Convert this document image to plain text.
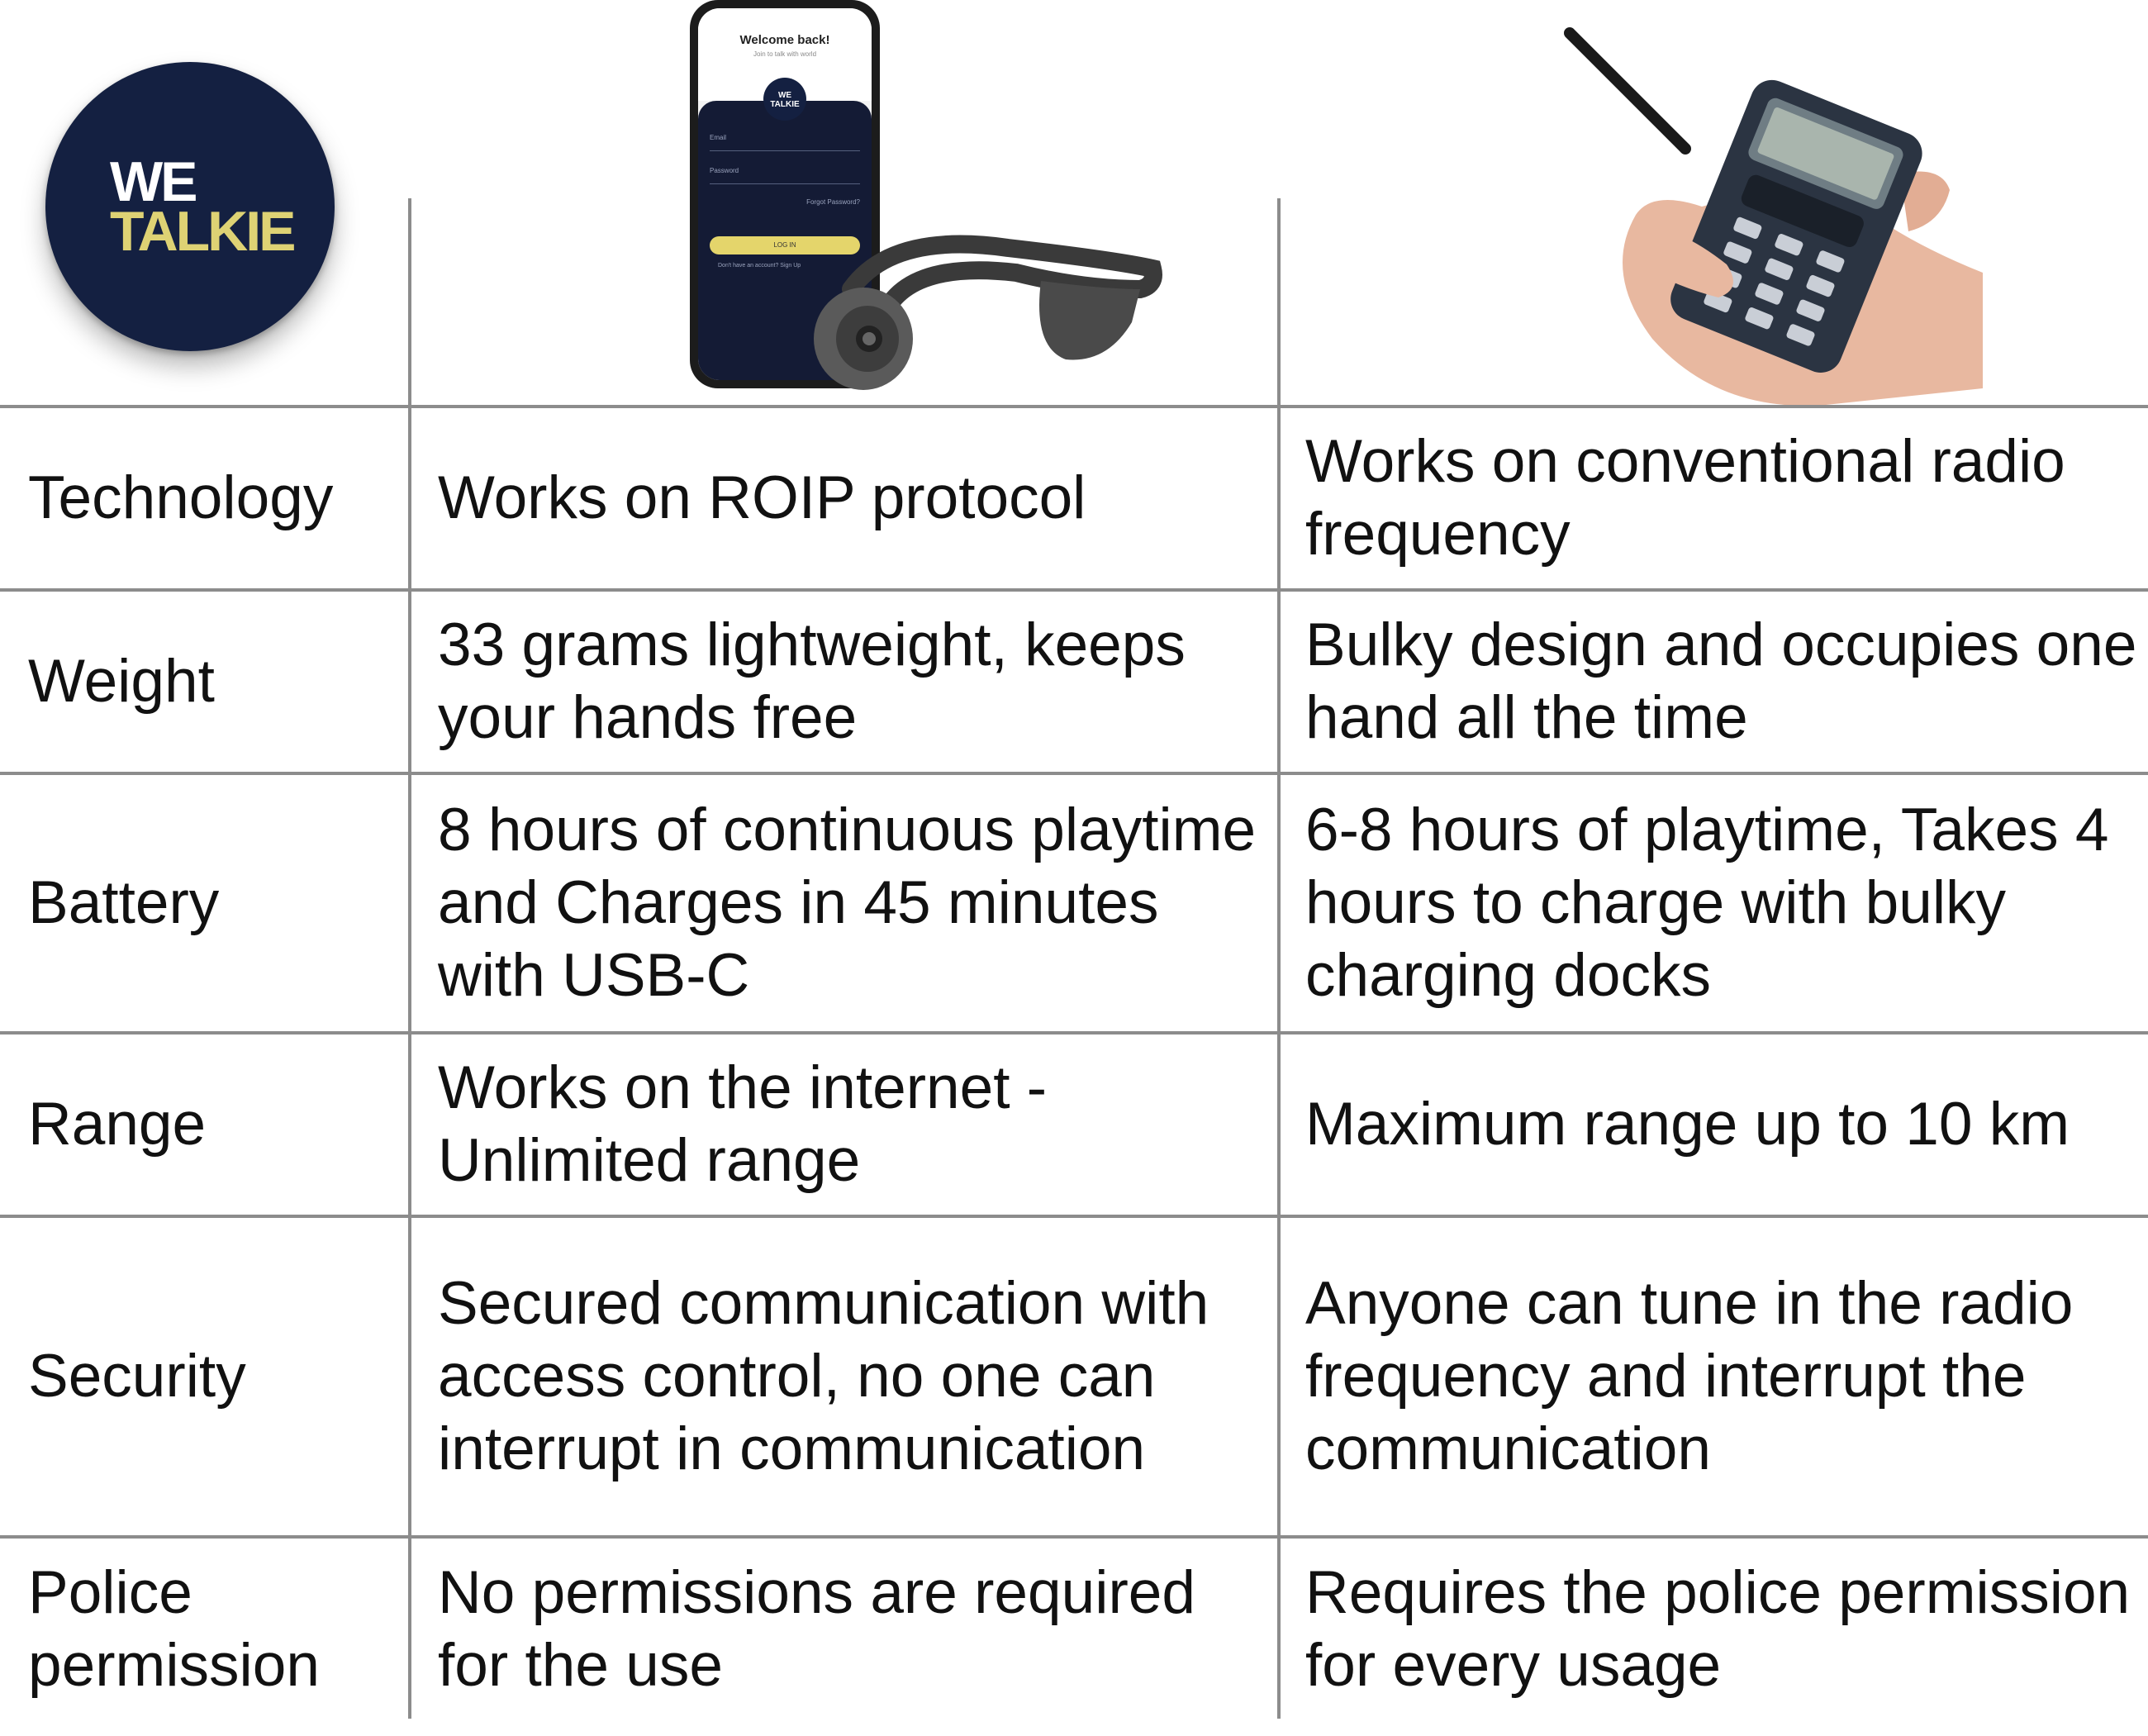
WE
TALKIE
Welcome back!
Join to talk with world
WE
TALKIE
Email
Password
Forgot Password?
LOG IN
Don't have an account? Sign Up
Technology	Works on ROIP protocol
Works on conventional radio frequency
Weight
33 grams lightweight, keeps your hands free
Bulky design and occupies one hand all the time
Battery
8 hours of continuous playtime and Charges in 45 minutes with USB-C
6-8 hours of playtime, Takes 4 hours to charge with bulky charging docks
Range
Works on the internet - Unlimited range
Maximum range up to 10 km
Security
Secured communication with access control, no one can interrupt in communication
Anyone can tune in the radio frequency and interrupt the communication
Police permission
No permissions are required for the use
Requires the police permission for every usage
